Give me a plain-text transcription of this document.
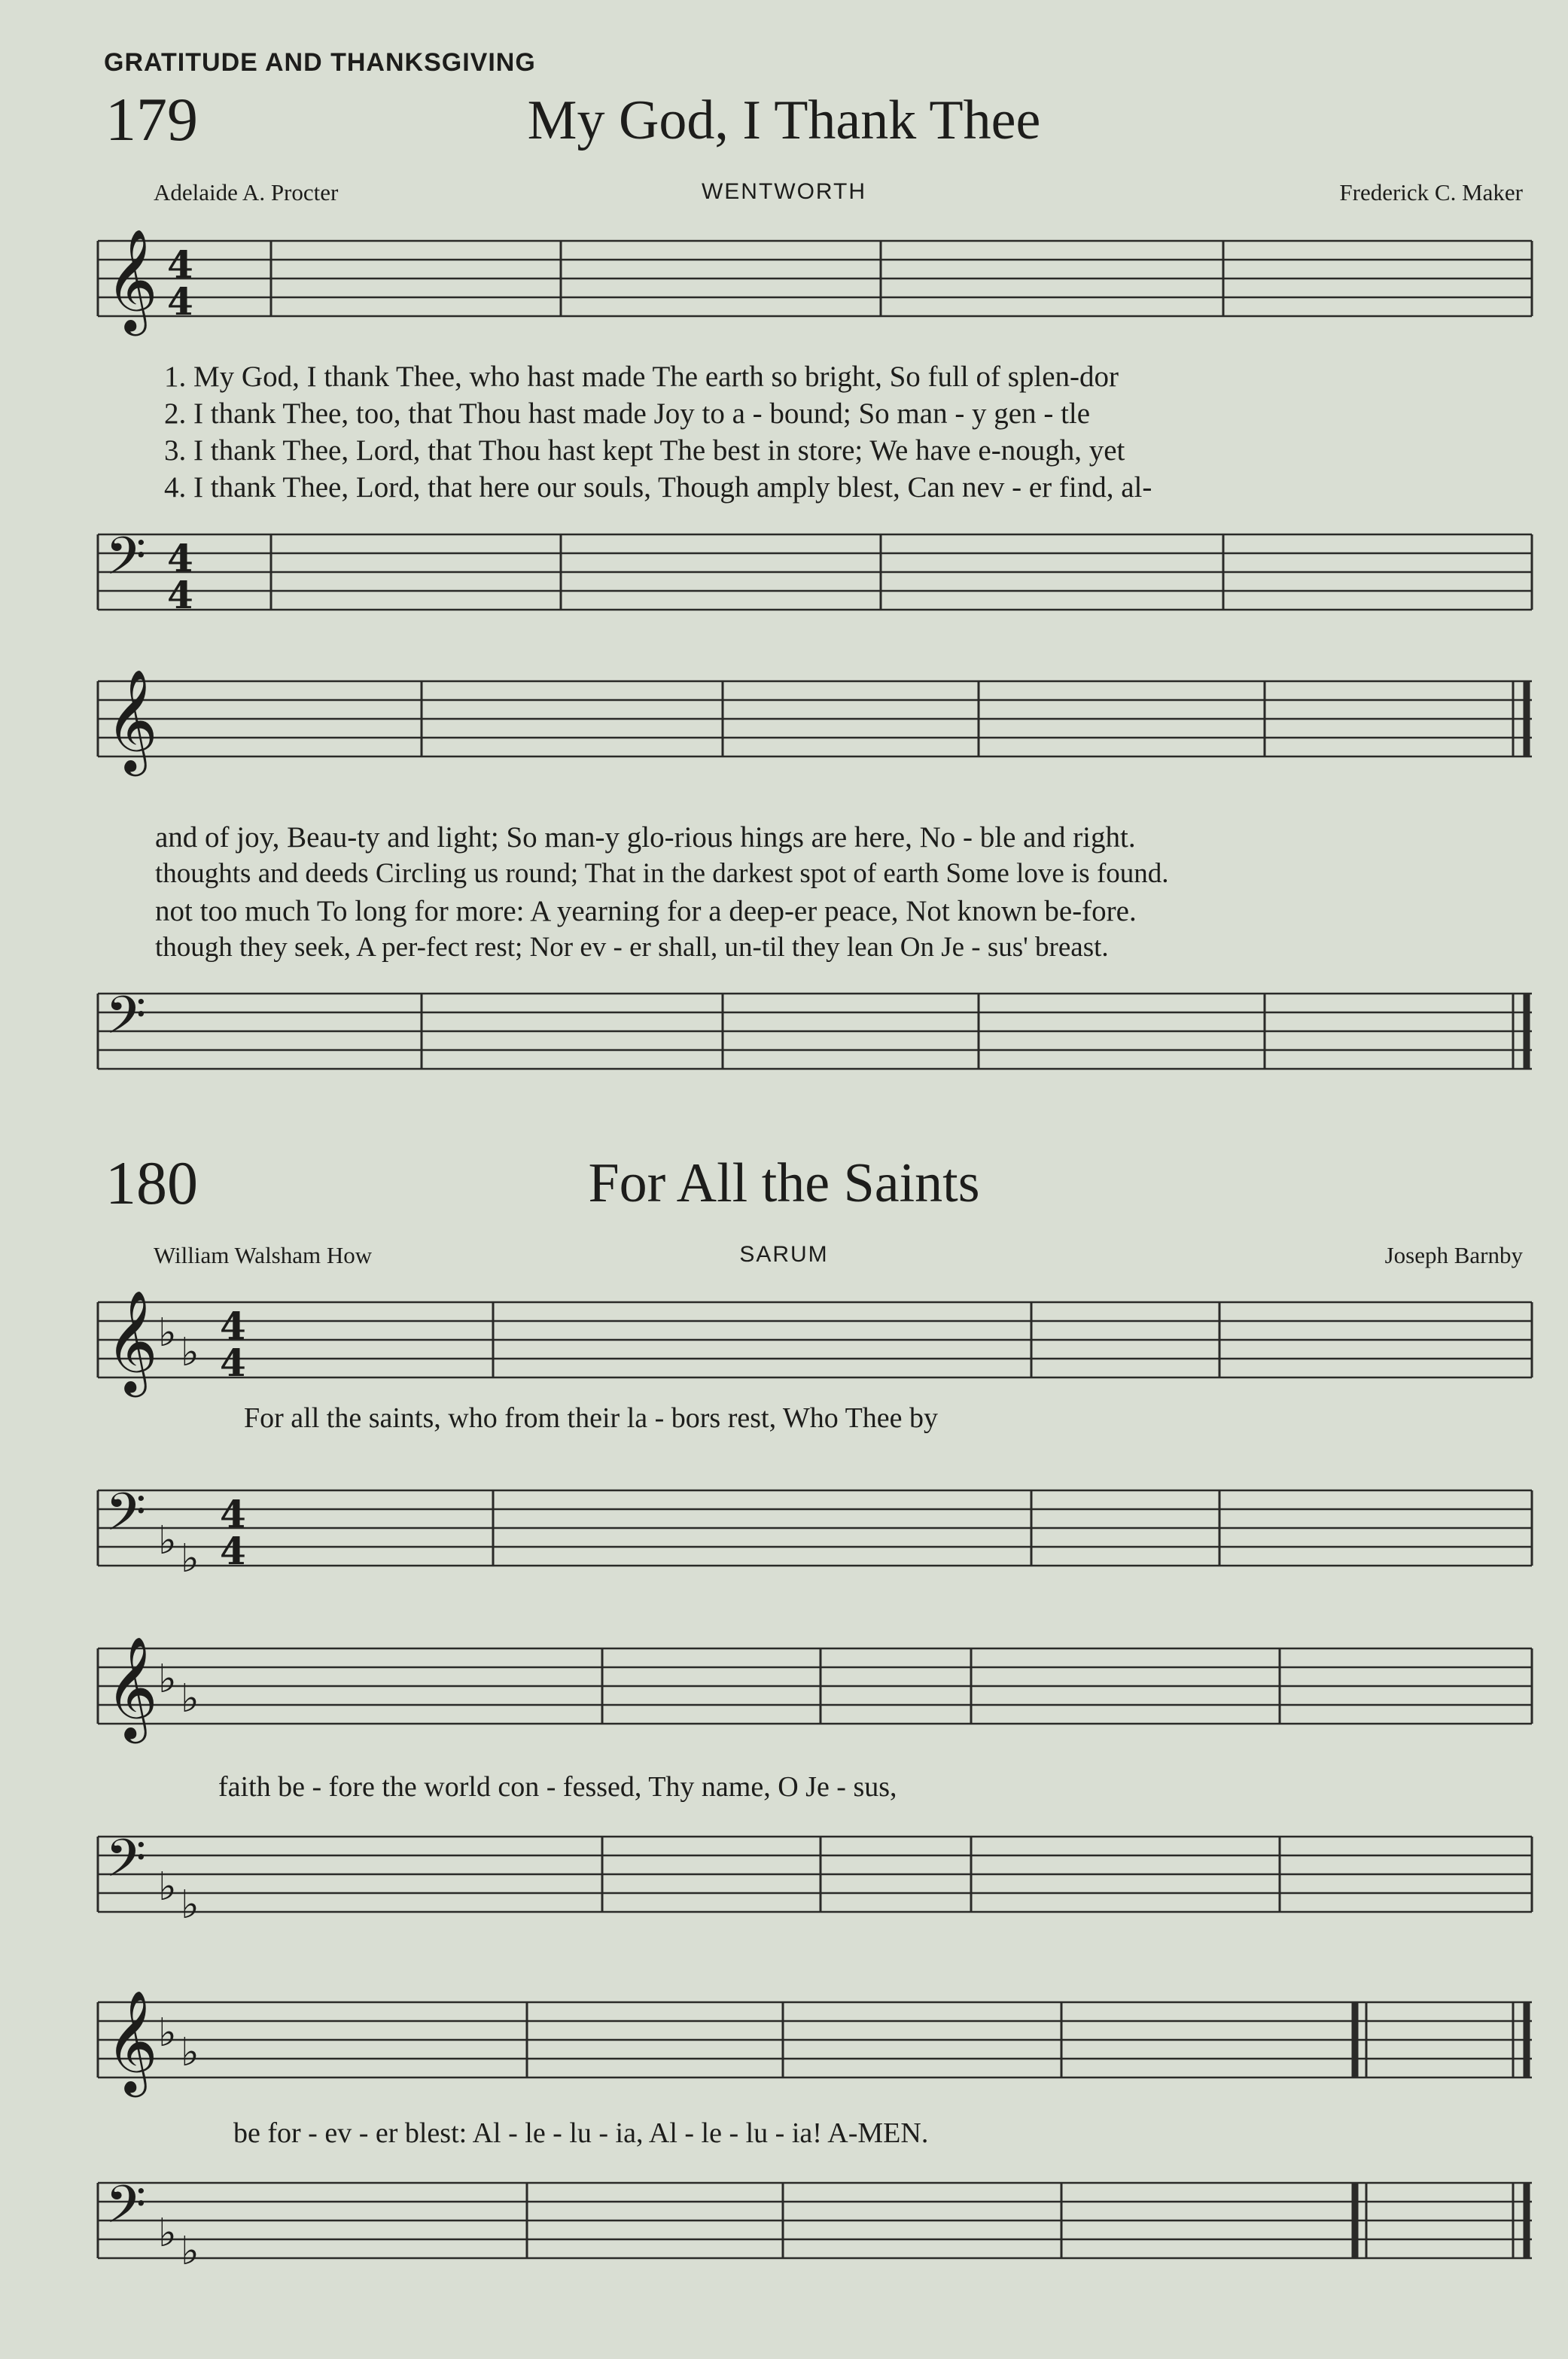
GRATITUDE AND THANKSGIVING
179	My God, I Thank Thee
Adelaide A. Procter	WENTWORTH	Frederick C. Maker
𝄞 4
4
1. My God, I thank Thee, who hast made The earth so bright, So full of splen-dor
2. I thank Thee, too, that Thou hast made Joy to a - bound; So man - y gen - tle
3. I thank Thee, Lord, that Thou hast kept The best in store; We have e-nough, yet
4. I thank Thee, Lord, that here our souls, Though amply blest, Can nev - er find, al-
𝄢 4
4
𝄞
and of joy, Beau-ty and light; So man-y glo-rious hings are here, No - ble and right.
thoughts and deeds Circling us round; That in the darkest spot of earth Some love is found.
not too much To long for more: A yearning for a deep-er peace, Not known be-fore.
though they seek, A per-fect rest; Nor ev - er shall, un-til they lean On Je - sus' breast.
𝄢
180	For All the Saints
William Walsham How	SARUM	Joseph Barnby
𝄞 ♭ ♭
4
4
For all the saints, who from their la - bors rest, Who Thee by
𝄢 ♭ ♭
4
4
𝄞 ♭ ♭
faith be - fore the world con - fessed, Thy name, O Je - sus,
𝄢 ♭ ♭
𝄞 ♭ ♭
be for - ev - er blest: Al - le - lu - ia, Al - le - lu - ia! A-MEN.
𝄢 ♭ ♭
